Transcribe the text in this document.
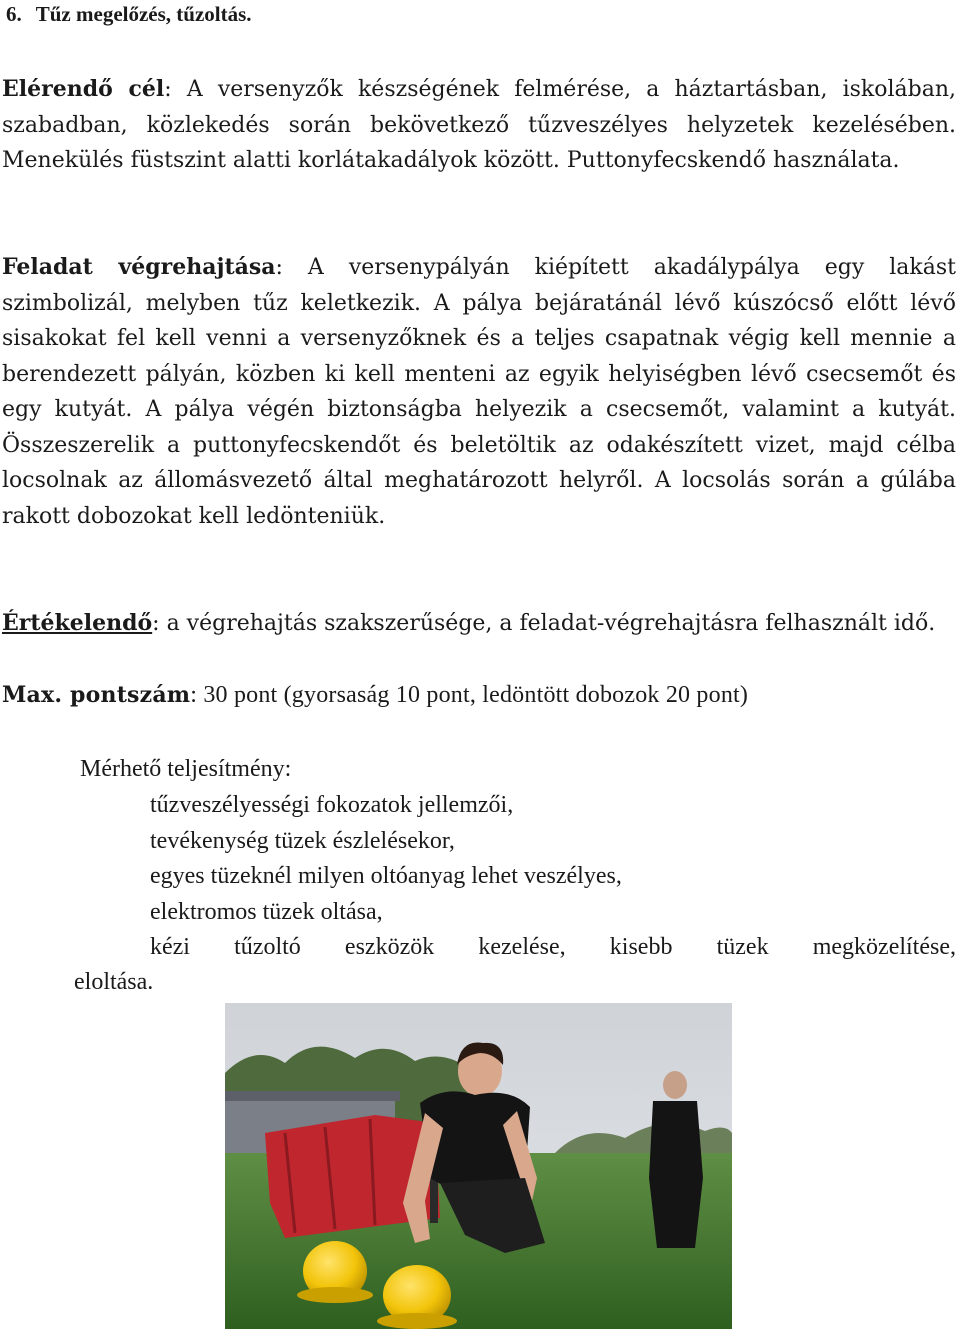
6. Tűz megelőzés, tűzoltás.
Elérendő cél: A versenyzők készségének felmérése, a háztartásban, iskolában, szabadban, közlekedés során bekövetkező tűzveszélyes helyzetek kezelésében. Menekülés füstszint alatti korlátakadályok között. Puttonyfecskendő használata.
Feladat végrehajtása: A versenypályán kiépített akadálypálya egy lakást szimbolizál, melyben tűz keletkezik. A pálya bejáratánál lévő kúszócső előtt lévő sisakokat fel kell venni a versenyzőknek és a teljes csapatnak végig kell mennie a berendezett pályán, közben ki kell menteni az egyik helyiségben lévő csecsemőt és egy kutyát. A pálya végén biztonságba helyezik a csecsemőt, valamint a kutyát. Összeszerelik a puttonyfecskendőt és beletöltik az odakészített vizet, majd célba locsolnak az állomásvezető által meghatározott helyről. A locsolás során a gúlába rakott dobozokat kell ledönteniük.
Értékelendő: a végrehajtás szakszerűsége, a feladat-végrehajtásra felhasznált idő.
Max. pontszám: 30 pont (gyorsaság 10 pont, ledöntött dobozok 20 pont)
Mérhető teljesítmény:
tűzveszélyességi fokozatok jellemzői,
tevékenység tüzek észlelésekor,
egyes tüzeknél milyen oltóanyag lehet veszélyes,
elektromos tüzek oltása,
kézi tűzoltó eszközök kezelése, kisebb tüzek megközelítése,
eloltása.
